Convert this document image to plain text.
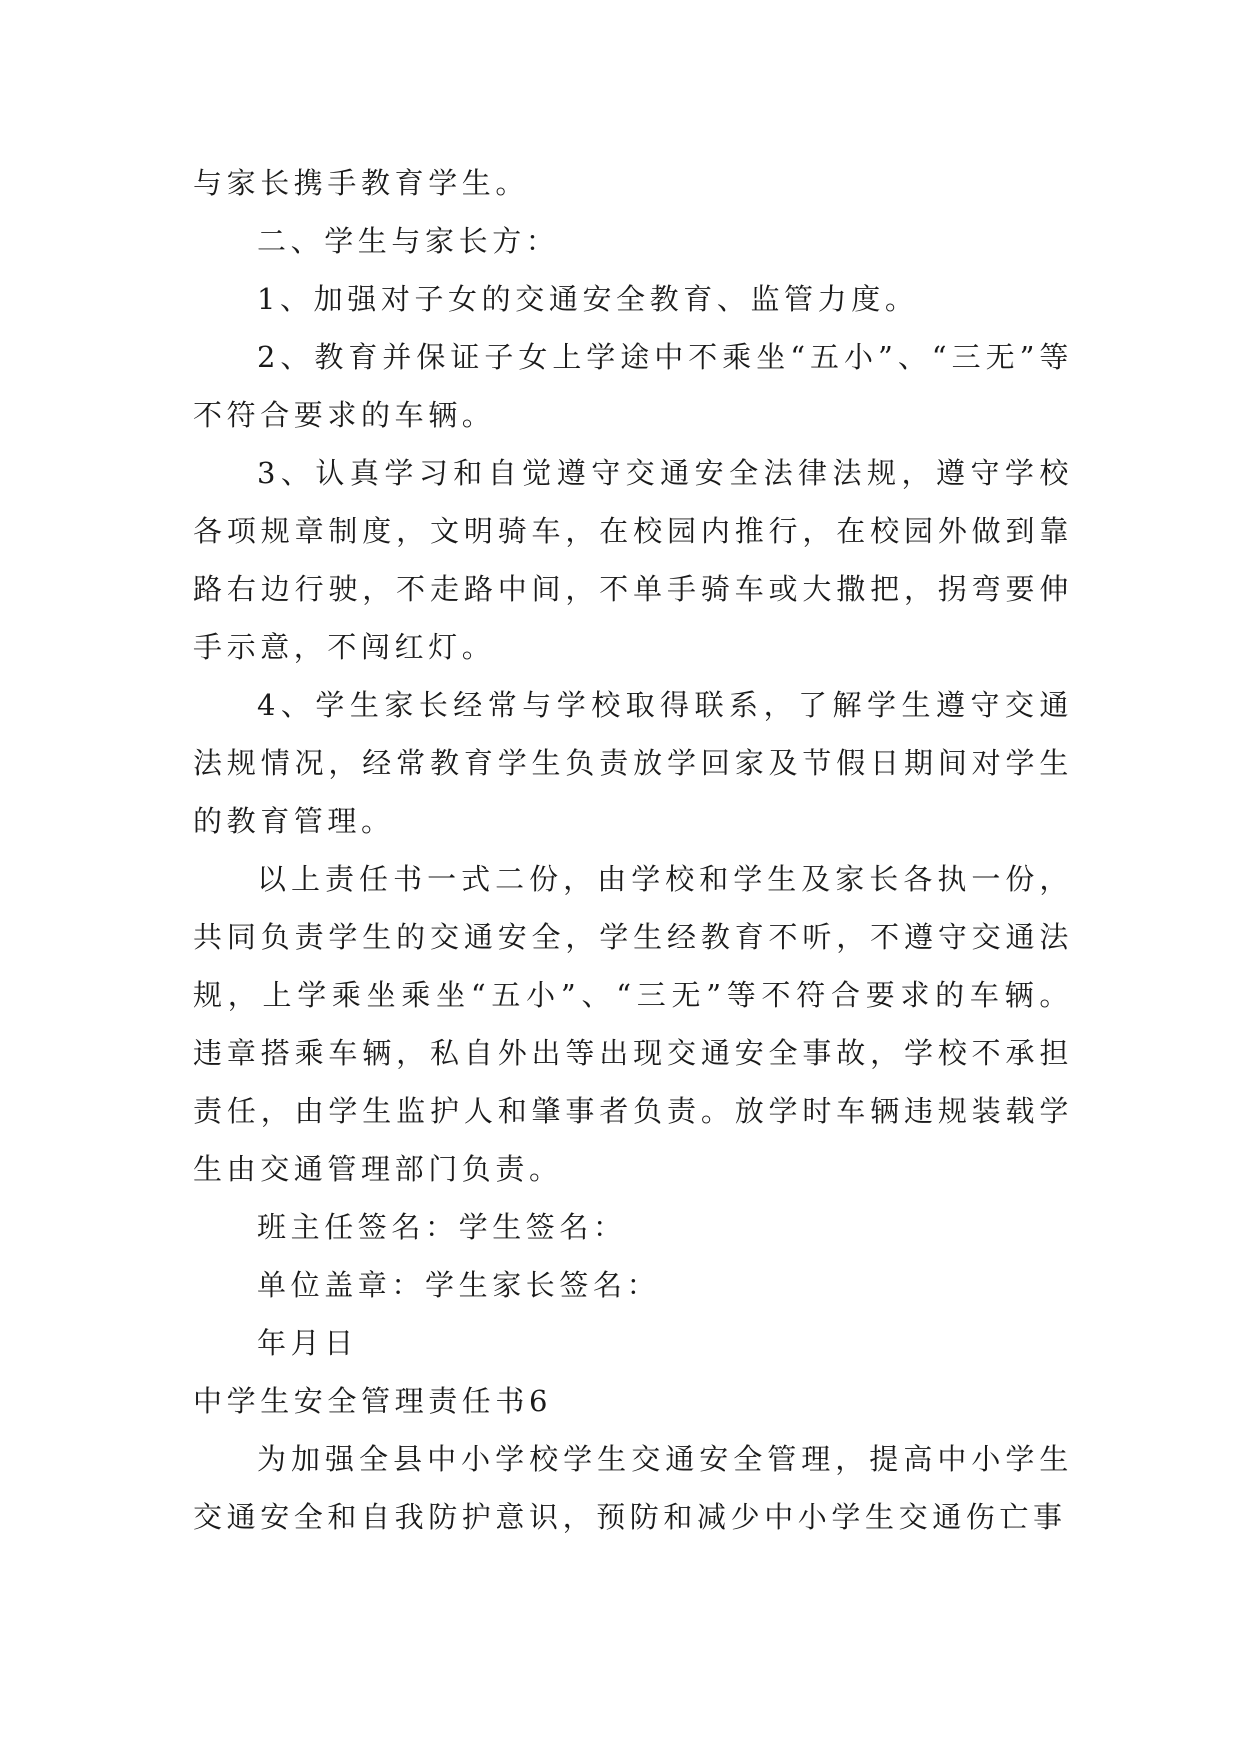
与家长携手教育学生。

二、学生与家长方：

1、加强对子女的交通安全教育、监管力度。

2、教育并保证子女上学途中不乘坐“五小”、“三无”等不符合要求的车辆。

3、认真学习和自觉遵守交通安全法律法规，遵守学校各项规章制度，文明骑车，在校园内推行，在校园外做到靠路右边行驶，不走路中间，不单手骑车或大撒把，拐弯要伸手示意，不闯红灯。

4、学生家长经常与学校取得联系，了解学生遵守交通法规情况，经常教育学生负责放学回家及节假日期间对学生的教育管理。

以上责任书一式二份，由学校和学生及家长各执一份，共同负责学生的交通安全，学生经教育不听，不遵守交通法规，上学乘坐乘坐“五小”、“三无”等不符合要求的车辆。违章搭乘车辆，私自外出等出现交通安全事故，学校不承担责任，由学生监护人和肇事者负责。放学时车辆违规装载学生由交通管理部门负责。

班主任签名：学生签名：

单位盖章：学生家长签名：

年月日

中学生安全管理责任书6

为加强全县中小学校学生交通安全管理，提高中小学生交通安全和自我防护意识，预防和减少中小学生交通伤亡事
